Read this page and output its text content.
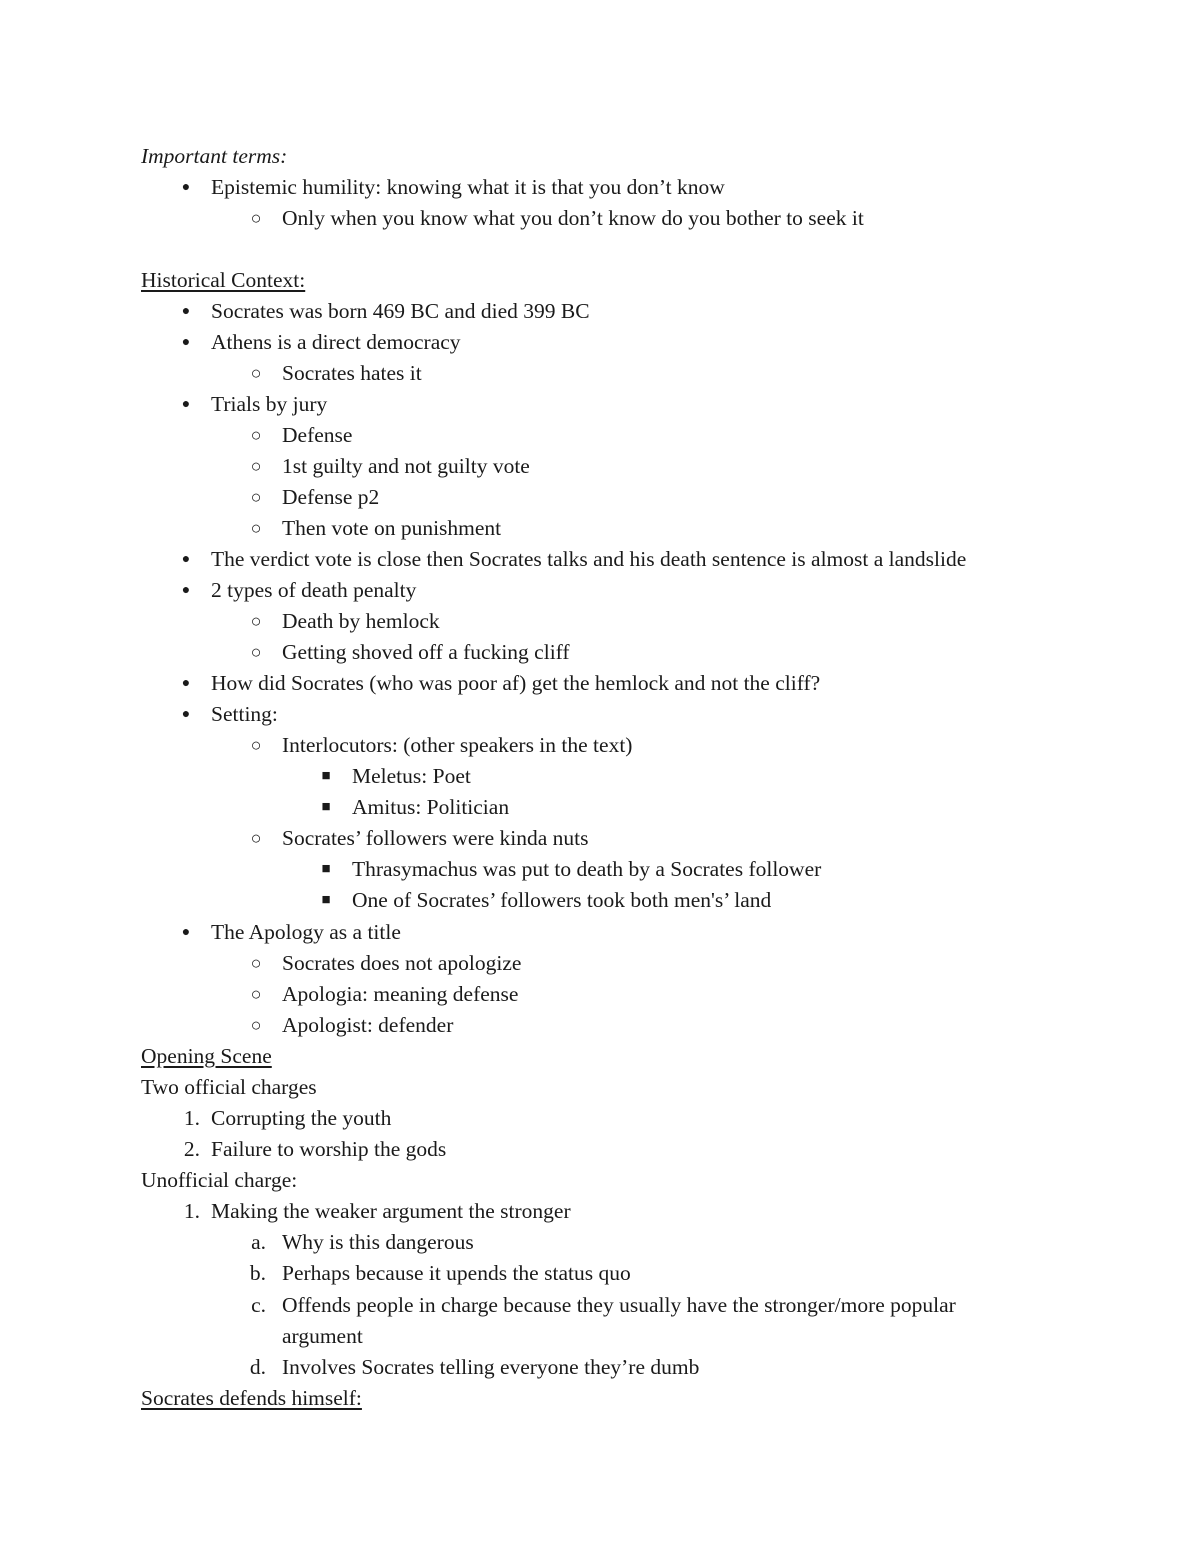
Important terms:
● Epistemic humility: knowing what it is that you don’t know
○ Only when you know what you don’t know do you bother to seek it
Historical Context:
● Socrates was born 469 BC and died 399 BC
● Athens is a direct democracy
○ Socrates hates it
● Trials by jury
○ Defense
○ 1st guilty and not guilty vote
○ Defense p2
○ Then vote on punishment
● The verdict vote is close then Socrates talks and his death sentence is almost a landslide
● 2 types of death penalty
○ Death by hemlock
○ Getting shoved off a fucking cliff
● How did Socrates (who was poor af) get the hemlock and not the cliff?
● Setting:
○ Interlocutors: (other speakers in the text)
■ Meletus: Poet
■ Amitus: Politician
○ Socrates’ followers were kinda nuts
■ Thrasymachus was put to death by a Socrates follower
■ One of Socrates’ followers took both men's’ land
● The Apology as a title
○ Socrates does not apologize
○ Apologia: meaning defense
○ Apologist: defender
Opening Scene
Two official charges
1. Corrupting the youth
2. Failure to worship the gods
Unofficial charge:
1. Making the weaker argument the stronger
a. Why is this dangerous
b. Perhaps because it upends the status quo
c. Offends people in charge because they usually have the stronger/more popular
argument
d. Involves Socrates telling everyone they’re dumb
Socrates defends himself:
